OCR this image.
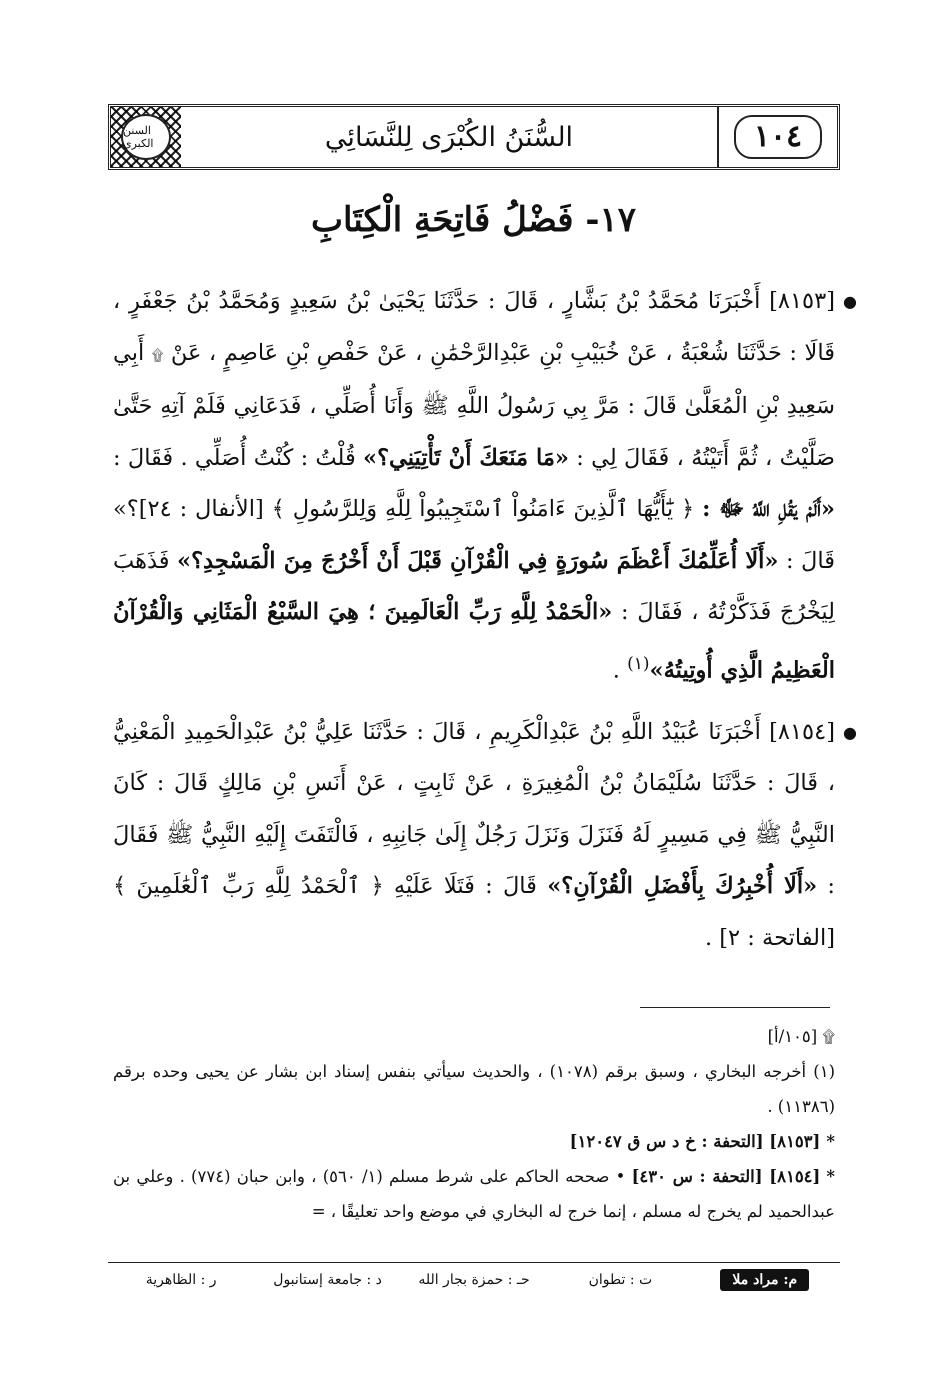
السنن الكبرى	السُّنَنُ الكُبْرَى لِلنَّسَائِي	١٠٤
١٧- فَضْلُ فَاتِحَةِ الْكِتَابِ

●
[٨١٥٣] أَخْبَرَنَا مُحَمَّدُ بْنُ بَشَّارٍ ، قَالَ : حَدَّثَنَا يَحْيَىٰ بْنُ سَعِيدٍ وَمُحَمَّدُ بْنُ جَعْفَرٍ ، قَالَا : حَدَّثَنَا شُعْبَةُ ، عَنْ خُبَيْبِ بْنِ عَبْدِالرَّحْمَٰنِ ، عَنْ حَفْصِ بْنِ عَاصِمٍ ، عَنْ ۩ أَبِي سَعِيدِ بْنِ الْمُعَلَّىٰ قَالَ : مَرَّ بِي رَسُولُ اللَّهِ ﷺ وَأَنَا أُصَلِّي ، فَدَعَانِي فَلَمْ آتِهِ حَتَّىٰ صَلَّيْتُ ، ثُمَّ أَتَيْتُهُ ، فَقَالَ لِي : «مَا مَنَعَكَ أَنْ تَأْتِيَنِي؟» قُلْتُ : كُنْتُ أُصَلِّي . فَقَالَ : «أَلَمْ يَقُلِ اللَّهُ ﷻ : ﴿ يَٰٓأَيُّهَا ٱلَّذِينَ ءَامَنُواْ ٱسْتَجِيبُواْ لِلَّهِ وَلِلرَّسُولِ ﴾ [الأنفال : ٢٤]؟» قَالَ : «أَلَا أُعَلِّمُكَ أَعْظَمَ سُورَةٍ فِي الْقُرْآنِ قَبْلَ أَنْ أَخْرُجَ مِنَ الْمَسْجِدِ؟» فَذَهَبَ لِيَخْرُجَ فَذَكَّرْتُهُ ، فَقَالَ : «الْحَمْدُ لِلَّهِ رَبِّ الْعَالَمِينَ ؛ هِيَ السَّبْعُ الْمَثَانِي وَالْقُرْآنُ الْعَظِيمُ الَّذِي أُوتِيتُهُ»$^{(١)}$ .

●
[٨١٥٤] أَخْبَرَنَا عُبَيْدُ اللَّهِ بْنُ عَبْدِالْكَرِيمِ ، قَالَ : حَدَّثَنَا عَلِيُّ بْنُ عَبْدِالْحَمِيدِ الْمَعْنِيُّ ، قَالَ : حَدَّثَنَا سُلَيْمَانُ بْنُ الْمُغِيرَةِ ، عَنْ ثَابِتٍ ، عَنْ أَنَسِ بْنِ مَالِكٍ قَالَ : كَانَ النَّبِيُّ ﷺ فِي مَسِيرٍ لَهُ فَنَزَلَ وَنَزَلَ رَجُلٌ إِلَىٰ جَانِبِهِ ، فَالْتَفَتَ إِلَيْهِ النَّبِيُّ ﷺ فَقَالَ : «أَلَا أُخْبِرُكَ بِأَفْضَلِ الْقُرْآنِ؟» قَالَ : فَتَلَا عَلَيْهِ ﴿ ٱلْحَمْدُ لِلَّهِ رَبِّ ٱلْعَٰلَمِينَ ﴾ [الفاتحة : ٢] .

۩ [١٠٥/أ]

(١) أخرجه البخاري ، وسبق برقم (١٠٧٨) ، والحديث سيأتي بنفس إسناد ابن بشار عن يحيى وحده برقم (١١٣٨٦) .

*[٨١٥٣] [التحفة : خ د س ق ١٢٠٤٧]

*[٨١٥٤] [التحفة : س ٤٣٠] • صححه الحاكم على شرط مسلم (١/ ٥٦٠) ، وابن حبان (٧٧٤) . وعلي بن عبدالحميد لم يخرج له مسلم ، إنما خرج له البخاري في موضع واحد تعليقًا ، =

م: مراد ملا
ت : تطوان
حـ : حمزة بجار الله
د : جامعة إستانبول
ر : الظاهرية
